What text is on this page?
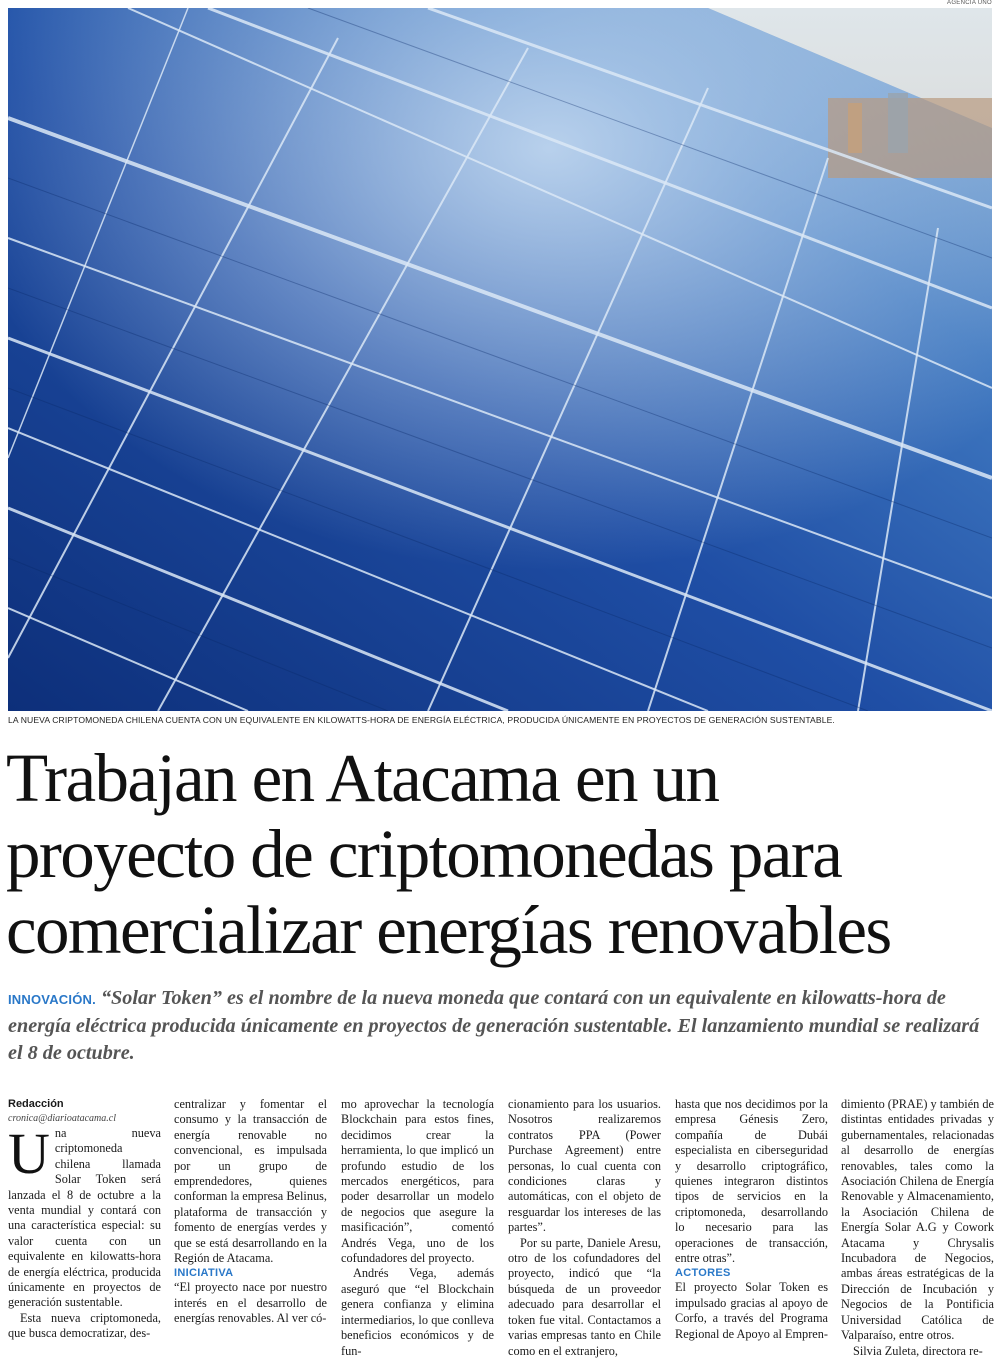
AGENCIA UNO
LA NUEVA CRIPTOMONEDA CHILENA CUENTA CON UN EQUIVALENTE EN KILOWATTS-HORA DE ENERGÍA ELÉCTRICA, PRODUCIDA ÚNICAMENTE EN PROYECTOS DE GENERACIÓN SUSTENTABLE.
Trabajan en Atacama en un
proyecto de criptomonedas para
comercializar energías renovables

INNOVACIÓN. “Solar Token” es el nombre de la nueva moneda que contará con un equivalente en kilowatts-hora de energía eléctrica producida únicamente en proyectos de generación sustentable. El lanzamiento mundial se realizará el 8 de octubre.

Redacción

cronica@diarioatacama.cl

Una nueva criptomoneda chilena llamada Solar Token será lanzada el 8 de octubre a la venta mundial y contará con una característica especial: su valor cuenta con un equivalente en kilowatts-hora de energía eléctrica, producida únicamente en proyectos de generación sustentable.

Esta nueva criptomoneda, que busca democratizar, des-

centralizar y fomentar el consumo y la transacción de energía renovable no convencional, es impulsada por un grupo de emprendedores, quienes conforman la empresa Belinus, plataforma de transacción y fomento de energías verdes y que se está desarrollando en la Región de Atacama.

INICIATIVA

“El proyecto nace por nuestro interés en el desarrollo de energías renovables. Al ver có-

mo aprovechar la tecnología Blockchain para estos fines, decidimos crear la herramienta, lo que implicó un profundo estudio de los mercados energéticos, para poder desarrollar un modelo de negocios que asegure la masificación”, comentó Andrés Vega, uno de los cofundadores del proyecto.

Andrés Vega, además aseguró que “el Blockchain genera confianza y elimina intermediarios, lo que conlleva beneficios económicos y de fun-

cionamiento para los usuarios. Nosotros realizaremos contratos PPA (Power Purchase Agreement) entre personas, lo cual cuenta con condiciones claras y automáticas, con el objeto de resguardar los intereses de las partes”.

Por su parte, Daniele Aresu, otro de los cofundadores del proyecto, indicó que “la búsqueda de un proveedor adecuado para desarrollar el token fue vital. Contactamos a varias empresas tanto en Chile como en el extranjero,

hasta que nos decidimos por la empresa Génesis Zero, compañía de Dubái especialista en ciberseguridad y desarrollo criptográfico, quienes integraron distintos tipos de servicios en la criptomoneda, desarrollando lo necesario para las operaciones de transacción, entre otras”.

ACTORES

El proyecto Solar Token es impulsado gracias al apoyo de Corfo, a través del Programa Regional de Apoyo al Empren-

dimiento (PRAE) y también de distintas entidades privadas y gubernamentales, relacionadas al desarrollo de energías renovables, tales como la Asociación Chilena de Energía Renovable y Almacenamiento, la Asociación Chilena de Energía Solar A.G y Cowork Atacama y Chrysalis Incubadora de Negocios, ambas áreas estratégicas de la Dirección de Incubación y Negocios de la Pontificia Universidad Católica de Valparaíso, entre otros.

Silvia Zuleta, directora re-
